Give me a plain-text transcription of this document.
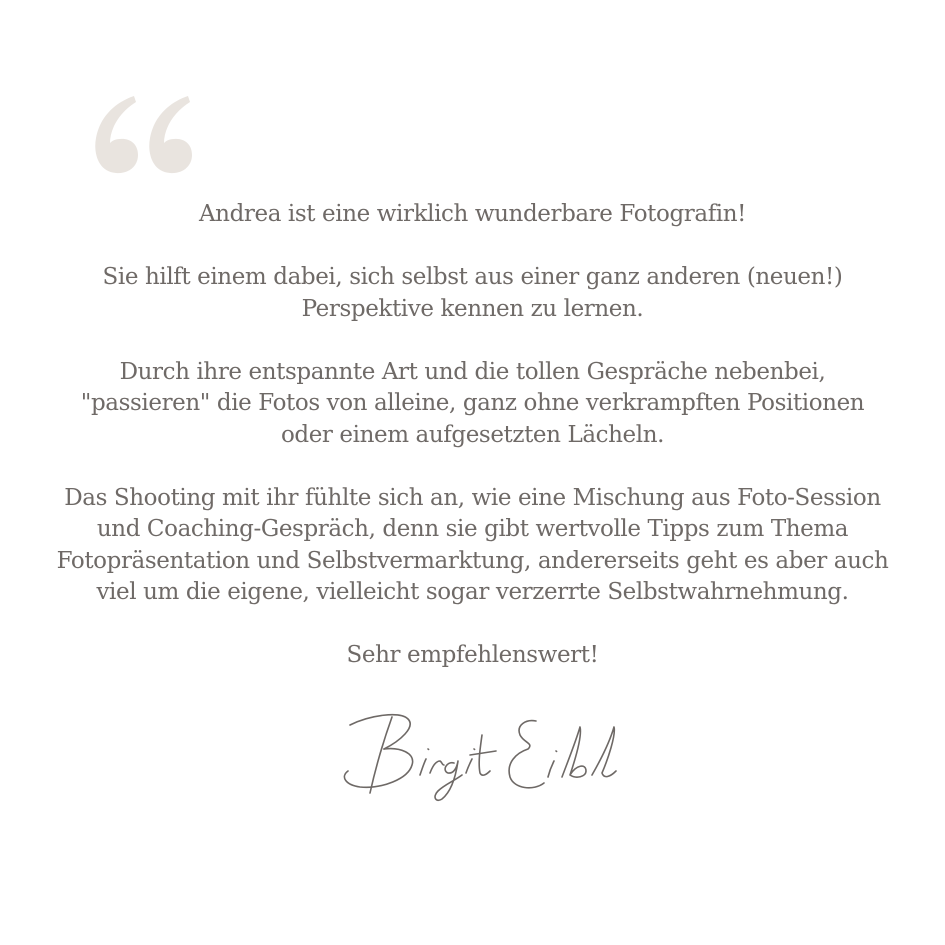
Andrea ist eine wirklich wunderbare Fotografin!

Sie hilft einem dabei, sich selbst aus einer ganz anderen (neuen!)
Perspektive kennen zu lernen.

Durch ihre entspannte Art und die tollen Gespräche nebenbei,
"passieren" die Fotos von alleine, ganz ohne verkrampften Positionen
oder einem aufgesetzten Lächeln.

Das Shooting mit ihr fühlte sich an, wie eine Mischung aus Foto-Session
und Coaching-Gespräch, denn sie gibt wertvolle Tipps zum Thema
Fotopräsentation und Selbstvermarktung, andererseits geht es aber auch
viel um die eigene, vielleicht sogar verzerrte Selbstwahrnehmung.

Sehr empfehlenswert!
